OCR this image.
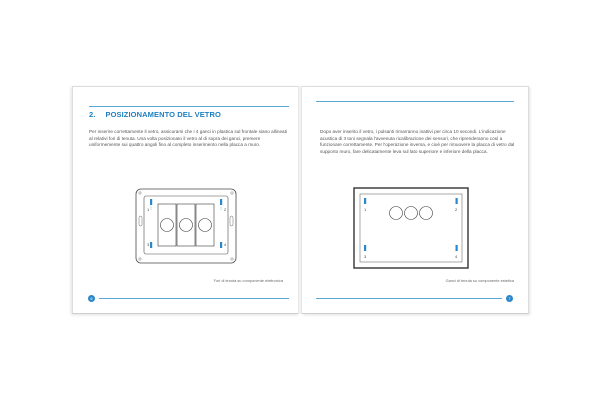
2. POSIZIONAMENTO DEL VETRO

Per inserire correttamente il vetro, assicurarsi che i 4 ganci in plastica sul frontale siano allineati al relativi fori di tenuta. Una volta posizionato il vetro al di sopra dei ganci, premere uniformemente sui quattro angoli fino al completo inserimento nella placca a muro.

1	2
3	4
Fori di tenuta su componente elettronica
6

Dopo aver inserito il vetro, i pulsanti rimarranno inattivi per circa 10 secondi. L'indicazione acustica di 3 toni segnala l'avvenuta ricalibrazione dei sensori, che riprenderanno così a funzionare correttamente. Per l'operazione inversa, e cioè per rimuovere la placca di vetro dal supporto muro, fare delicatamente leva sul lato superiore e inferiore della placca.

1	2
3	4
Ganci di tenuta su componente estetica
7
